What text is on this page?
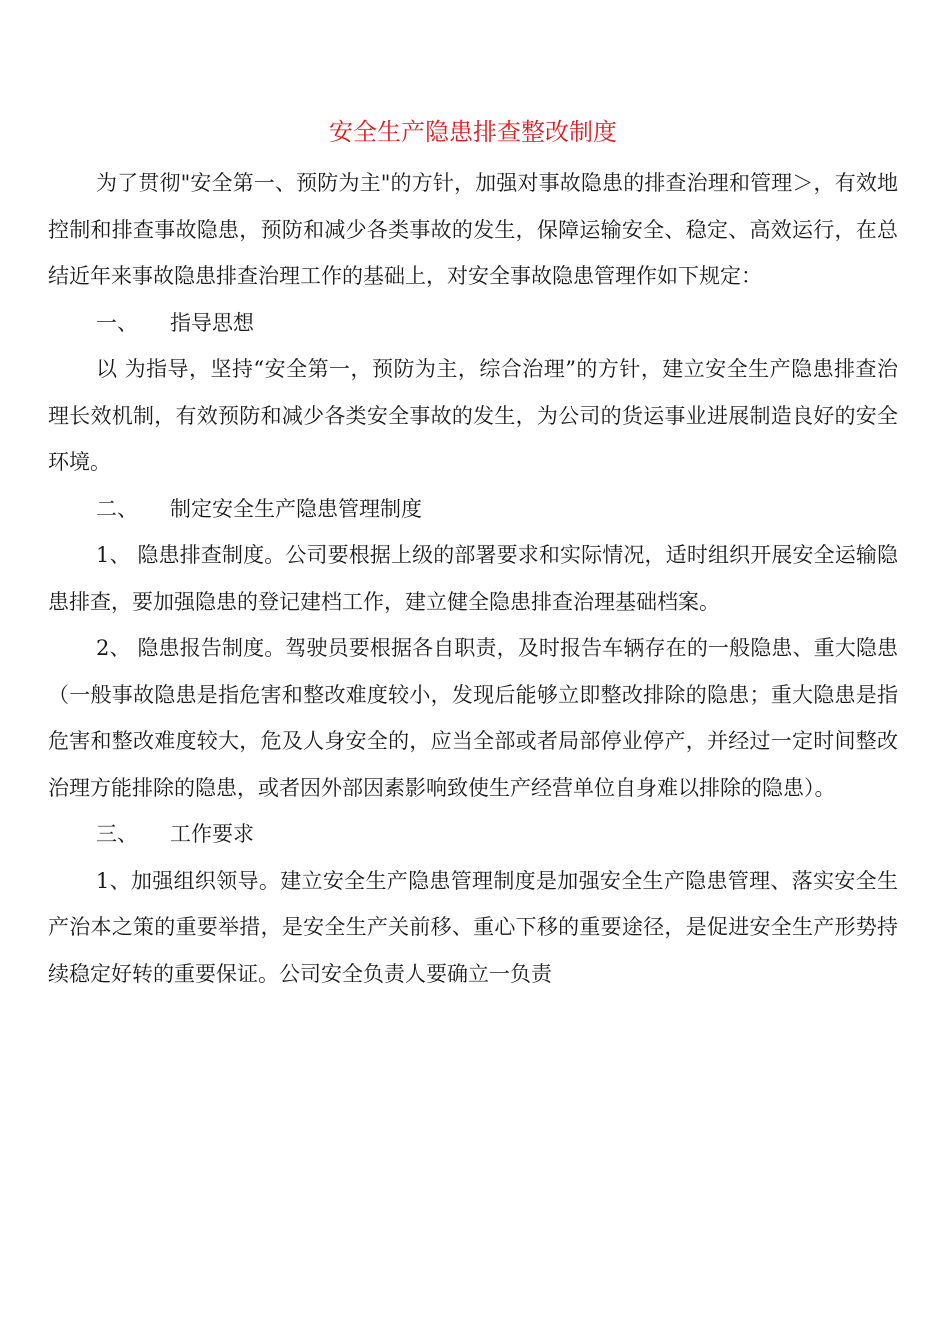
安全生产隐患排查整改制度

为了贯彻"安全第一、预防为主"的方针，加强对事故隐患的排查治理和管理＞，有效地控制和排查事故隐患，预防和减少各类事故的发生，保障运输安全、稳定、高效运行，在总结近年来事故隐患排查治理工作的基础上，对安全事故隐患管理作如下规定：

一、 指导思想

以 为指导，坚持“安全第一，预防为主，综合治理”的方针，建立安全生产隐患排查治理长效机制，有效预防和减少各类安全事故的发生，为公司的货运事业进展制造良好的安全环境。

二、 制定安全生产隐患管理制度

1、 隐患排查制度。公司要根据上级的部署要求和实际情况，适时组织开展安全运输隐患排查，要加强隐患的登记建档工作，建立健全隐患排查治理基础档案。

2、 隐患报告制度。驾驶员要根据各自职责，及时报告车辆存在的一般隐患、重大隐患（一般事故隐患是指危害和整改难度较小，发现后能够立即整改排除的隐患；重大隐患是指危害和整改难度较大，危及人身安全的，应当全部或者局部停业停产，并经过一定时间整改治理方能排除的隐患，或者因外部因素影响致使生产经营单位自身难以排除的隐患）。

三、 工作要求

1、加强组织领导。建立安全生产隐患管理制度是加强安全生产隐患管理、落实安全生产治本之策的重要举措，是安全生产关前移、重心下移的重要途径，是促进安全生产形势持续稳定好转的重要保证。公司安全负责人要确立一负责
